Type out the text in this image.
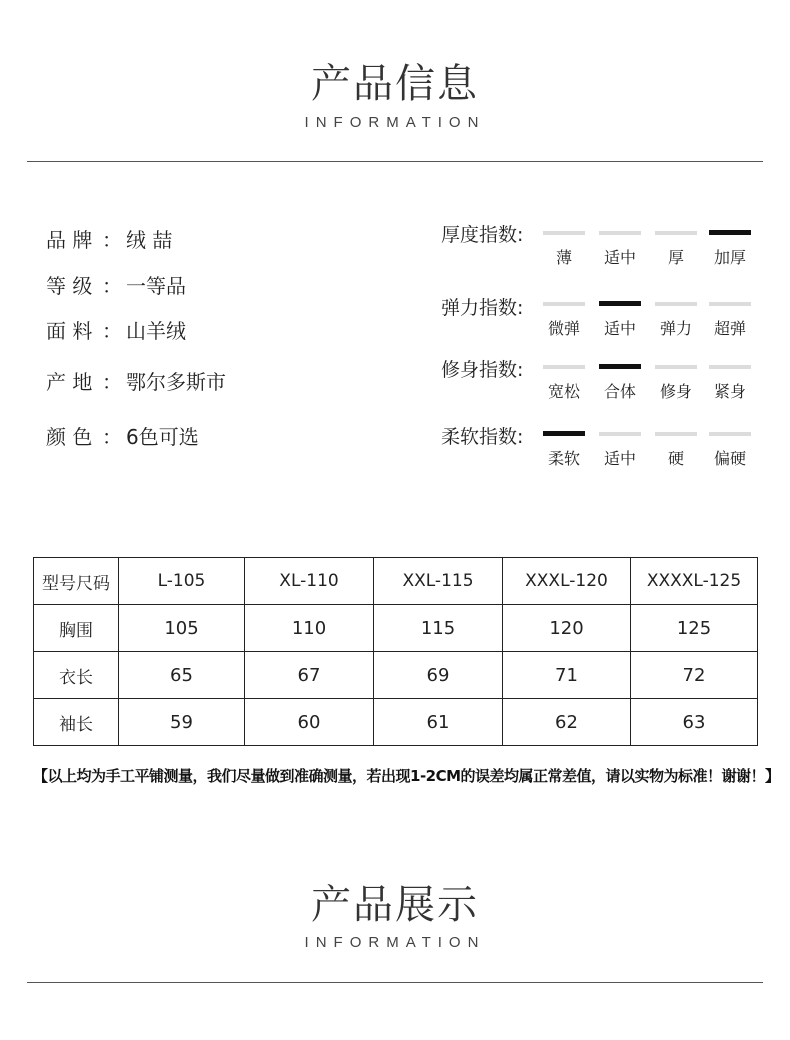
产品信息
INFORMATION
品 牌 ： 绒 喆
等 级 ： 一等品
面 料 ： 山羊绒
产 地 ： 鄂尔多斯市
颜 色 ： 6色可选
厚度指数:
薄	适中	厚	加厚
弹力指数:
微弹	适中	弹力	超弹
修身指数:
宽松	合体	修身	紧身
柔软指数:
柔软	适中	硬	偏硬
型号尺码	L-105	XL-110	XXL-115	XXXL-120	XXXXL-125
胸围	105	110	115	120	125
衣长	65	67	69	71	72
袖长	59	60	61	62	63
【以上均为手工平铺测量，我们尽量做到准确测量，若出现1-2CM的误差均属正常差值，请以实物为标准！谢谢！】
产品展示
INFORMATION
